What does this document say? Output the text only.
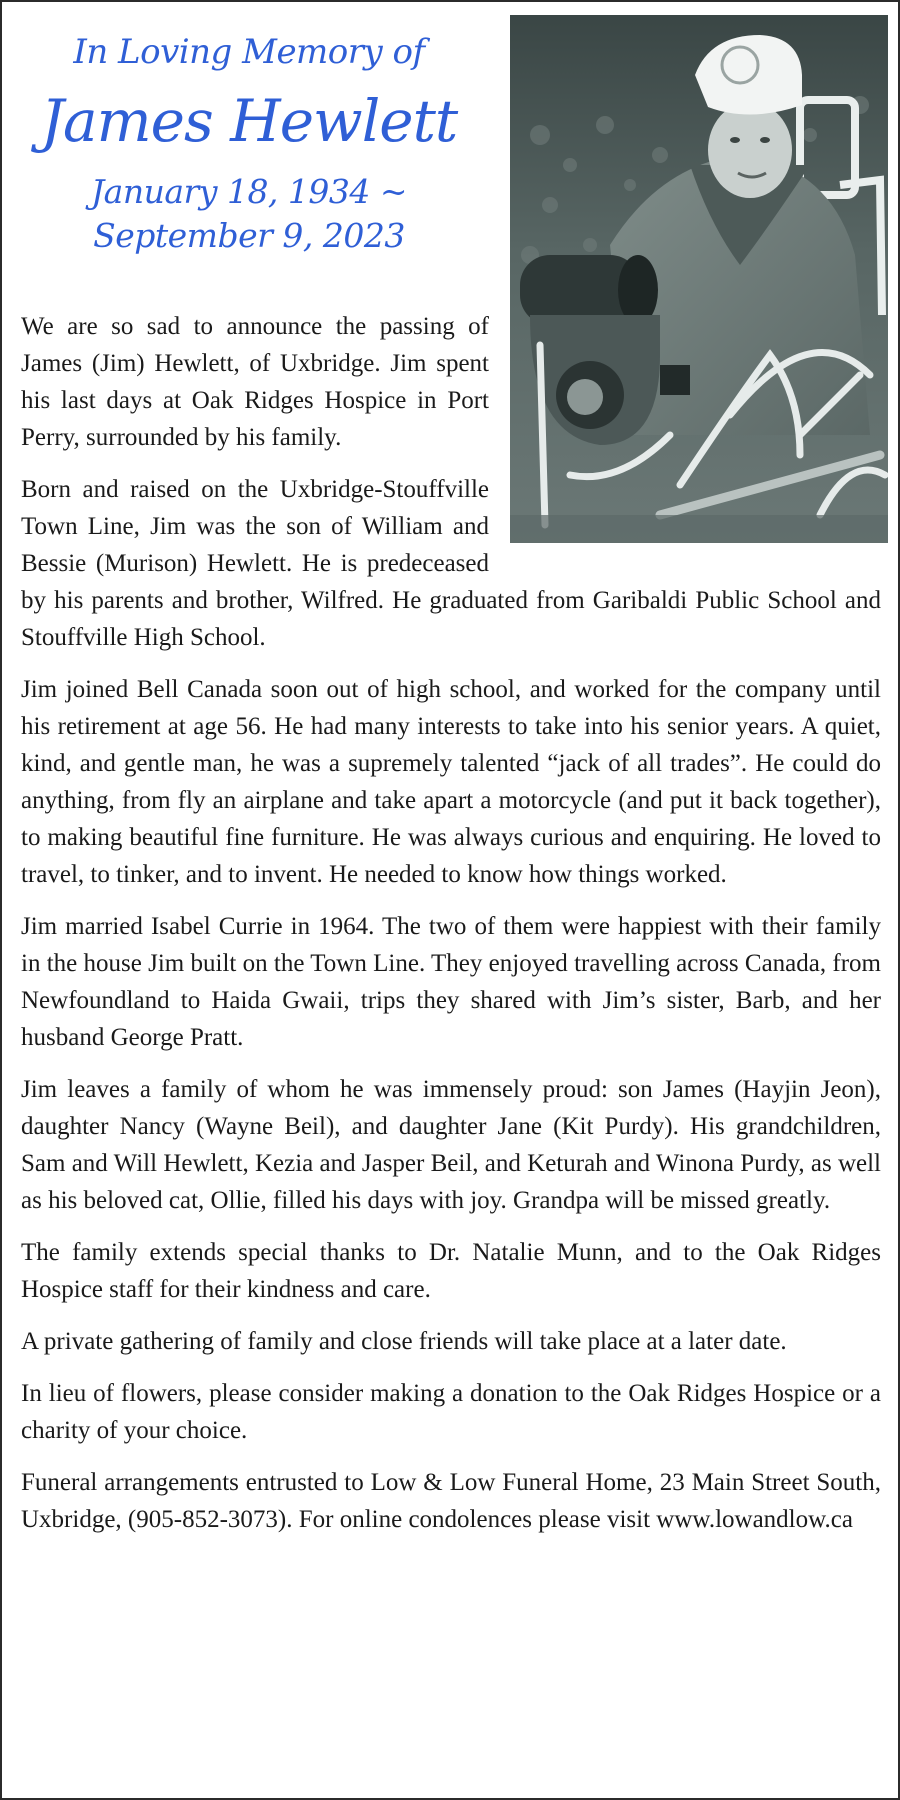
In Loving Memory of
James Hewlett
January 18, 1934 ~
September 9, 2023

We are so sad to announce the passing of James (Jim) Hewlett, of Uxbridge. Jim spent his last days at Oak Ridges Hospice in Port Perry, surrounded by his family.

Born and raised on the Uxbridge-Stouffville Town Line, Jim was the son of William and Bessie (Murison) Hewlett. He is predeceased by his parents and brother, Wilfred. He graduated from Garibaldi Public School and Stouffville High School.

Jim joined Bell Canada soon out of high school, and worked for the company until his retirement at age 56. He had many interests to take into his senior years. A quiet, kind, and gentle man, he was a supremely talented “jack of all trades”. He could do anything, from fly an airplane and take apart a motorcycle (and put it back together), to making beautiful fine furniture. He was always curious and enquiring. He loved to travel, to tinker, and to invent. He needed to know how things worked.

Jim married Isabel Currie in 1964. The two of them were happiest with their family in the house Jim built on the Town Line. They enjoyed travelling across Canada, from Newfoundland to Haida Gwaii, trips they shared with Jim’s sister, Barb, and her husband George Pratt.

Jim leaves a family of whom he was immensely proud: son James (Hayjin Jeon), daughter Nancy (Wayne Beil), and daughter Jane (Kit Purdy). His grandchildren, Sam and Will Hewlett, Kezia and Jasper Beil, and Keturah and Winona Purdy, as well as his beloved cat, Ollie, filled his days with joy. Grandpa will be missed greatly.

The family extends special thanks to Dr. Natalie Munn, and to the Oak Ridges Hospice staff for their kindness and care.

A private gathering of family and close friends will take place at a later date.

In lieu of flowers, please consider making a donation to the Oak Ridges Hospice or a charity of your choice.

Funeral arrangements entrusted to Low & Low Funeral Home, 23 Main Street South, Uxbridge, (905-852-3073). For online condolences please visit www.lowandlow.ca
